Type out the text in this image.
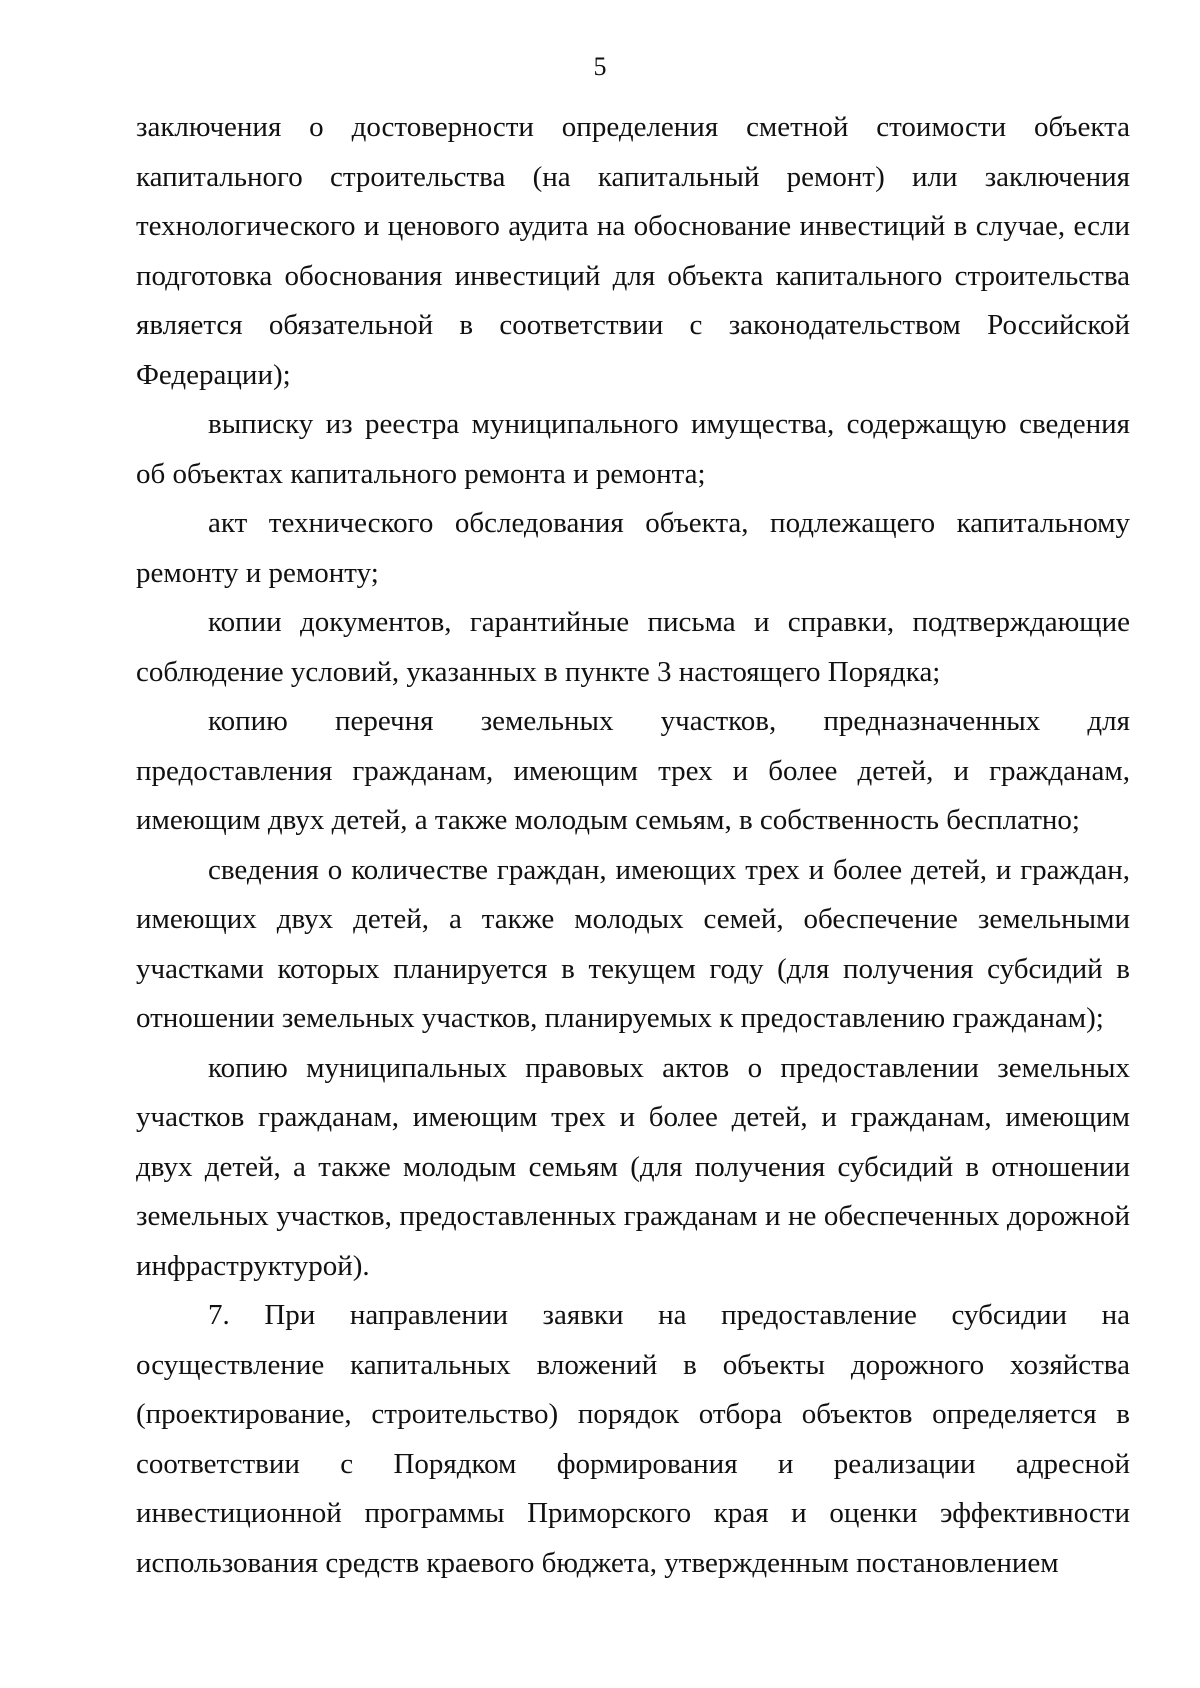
5

заключения о достоверности определения сметной стоимости объекта капитального строительства (на капитальный ремонт) или заключения технологического и ценового аудита на обоснование инвестиций в случае, если подготовка обоснования инвестиций для объекта капитального строительства является обязательной в соответствии с законодательством Российской Федерации);

выписку из реестра муниципального имущества, содержащую сведения об объектах капитального ремонта и ремонта;

акт технического обследования объекта, подлежащего капитальному ремонту и ремонту;

копии документов, гарантийные письма и справки, подтверждающие соблюдение условий, указанных в пункте 3 настоящего Порядка;

копию перечня земельных участков, предназначенных для предоставления гражданам, имеющим трех и более детей, и гражданам, имеющим двух детей, а также молодым семьям, в собственность бесплатно;

сведения о количестве граждан, имеющих трех и более детей, и граждан, имеющих двух детей, а также молодых семей, обеспечение земельными участками которых планируется в текущем году (для получения субсидий в отношении земельных участков, планируемых к предоставлению гражданам);

копию муниципальных правовых актов о предоставлении земельных участков гражданам, имеющим трех и более детей, и гражданам, имеющим двух детей, а также молодым семьям (для получения субсидий в отношении земельных участков, предоставленных гражданам и не обеспеченных дорожной инфраструктурой).

7. При направлении заявки на предоставление субсидии на осуществление капитальных вложений в объекты дорожного хозяйства (проектирование, строительство) порядок отбора объектов определяется в соответствии с Порядком формирования и реализации адресной инвестиционной программы Приморского края и оценки эффективности использования средств краевого бюджета, утвержденным постановлением
